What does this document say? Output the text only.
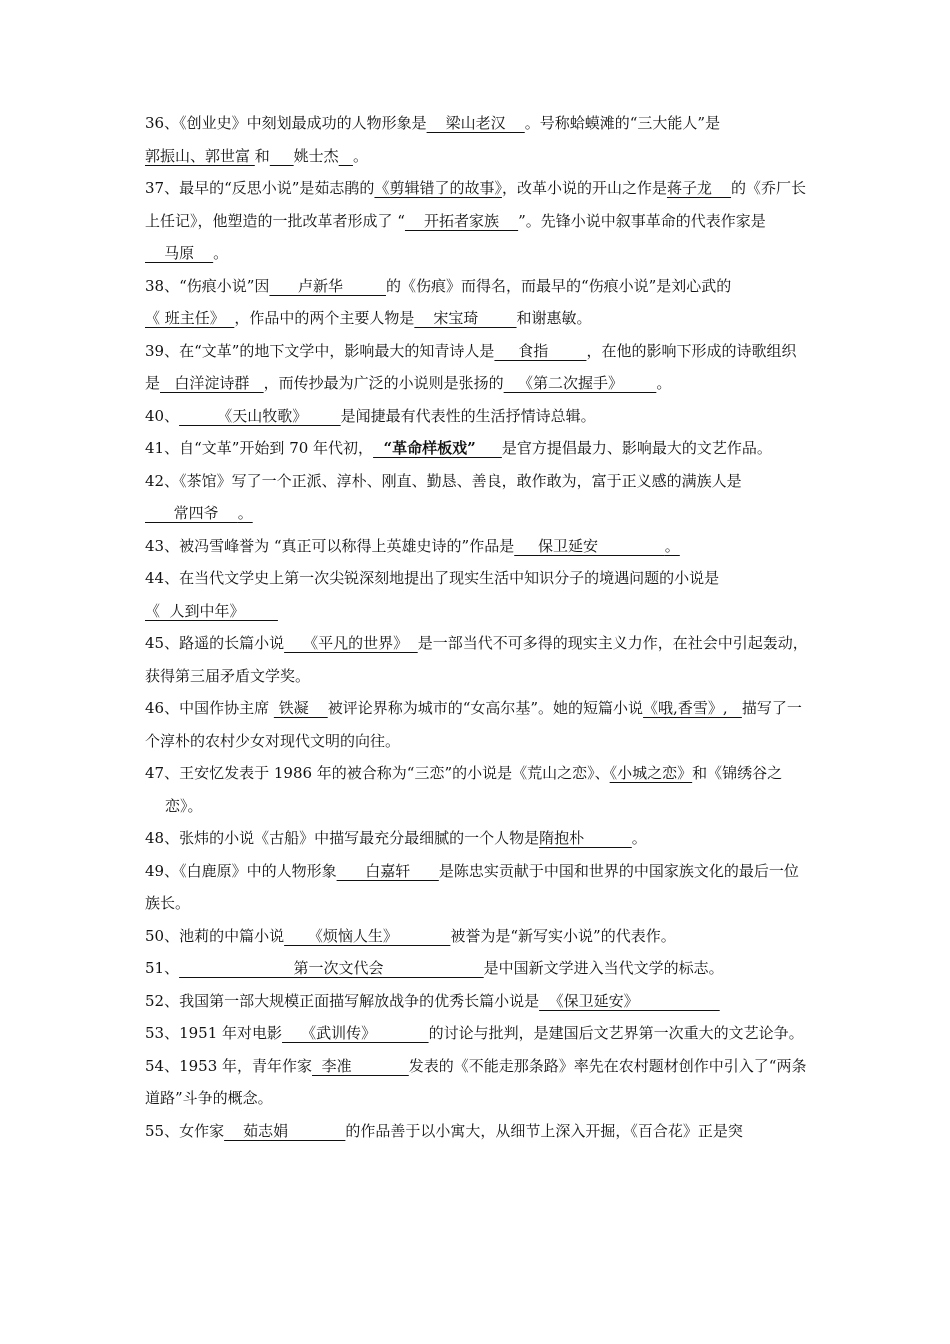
36、《创业史》中刻划最成功的人物形象是    梁山老汉    。号称蛤蟆滩的“三大能人”是郭振山、郭世富 和 姚士杰 。

37、最早的“反思小说”是茹志鹃的《剪辑错了的故事》，改革小说的开山之作是蒋子龙    的《乔厂长上任记》，他塑造的一批改革者形成了 “    开拓者家族    ”。先锋小说中叙事革命的代表作家是    马原    。

38、“伤痕小说”因      卢新华         的《伤痕》而得名，而最早的“伤痕小说”是刘心武的《 班主任》  ，作品中的两个主要人物是    宋宝琦        和谢惠敏。

39、在“文革”的地下文学中，影响最大的知青诗人是     食指        ，在他的影响下形成的诗歌组织是   白洋淀诗群   ，而传抄最为广泛的小说则是张扬的   《第二次握手》       。

40、        《天山牧歌》       是闻捷最有代表性的生活抒情诗总辑。

41、自“文革”开始到 70 年代初，  “革命样板戏”     是官方提倡最力、影响最大的文艺作品。

42、《茶馆》写了一个正派、淳朴、刚直、勤恳、善良，敢作敢为，富于正义感的满族人是      常四爷    。

43、被冯雪峰誉为 “真正可以称得上英雄史诗的”作品是     保卫延安              。

44、在当代文学史上第一次尖锐深刻地提出了现实生活中知识分子的境遇问题的小说是《  人到中年》

45、路遥的长篇小说    《平凡的世界》  是一部当代不可多得的现实主义力作，在社会中引起轰动，获得第三届矛盾文学奖。

46、中国作协主席  铁凝    被评论界称为城市的“女高尔基”。她的短篇小说《哦,香雪》,   描写了一个淳朴的农村少女对现代文明的向往。

47、王安忆发表于 1986 年的被合称为“三恋”的小说是《荒山之恋》、《小城之恋》和《锦绣谷之恋》。

48、张炜的小说《古船》中描写最充分最细腻的一个人物是隋抱朴          。

49、《白鹿原》中的人物形象      白嘉轩      是陈忠实贡献于中国和世界的中国家族文化的最后一位族长。

50、池莉的中篇小说     《烦恼人生》           被誉为是“新写实小说”的代表作。

51、                        第一次文代会                     是中国新文学进入当代文学的标志。

52、我国第一部大规模正面描写解放战争的优秀长篇小说是  《保卫延安》

53、1951 年对电影    《武训传》           的讨论与批判，是建国后文艺界第一次重大的文艺论争。

54、1953 年，青年作家  李准            发表的《不能走那条路》率先在农村题材创作中引入了“两条道路”斗争的概念。

55、女作家    茹志娟            的作品善于以小寓大，从细节上深入开掘，《百合花》正是突
